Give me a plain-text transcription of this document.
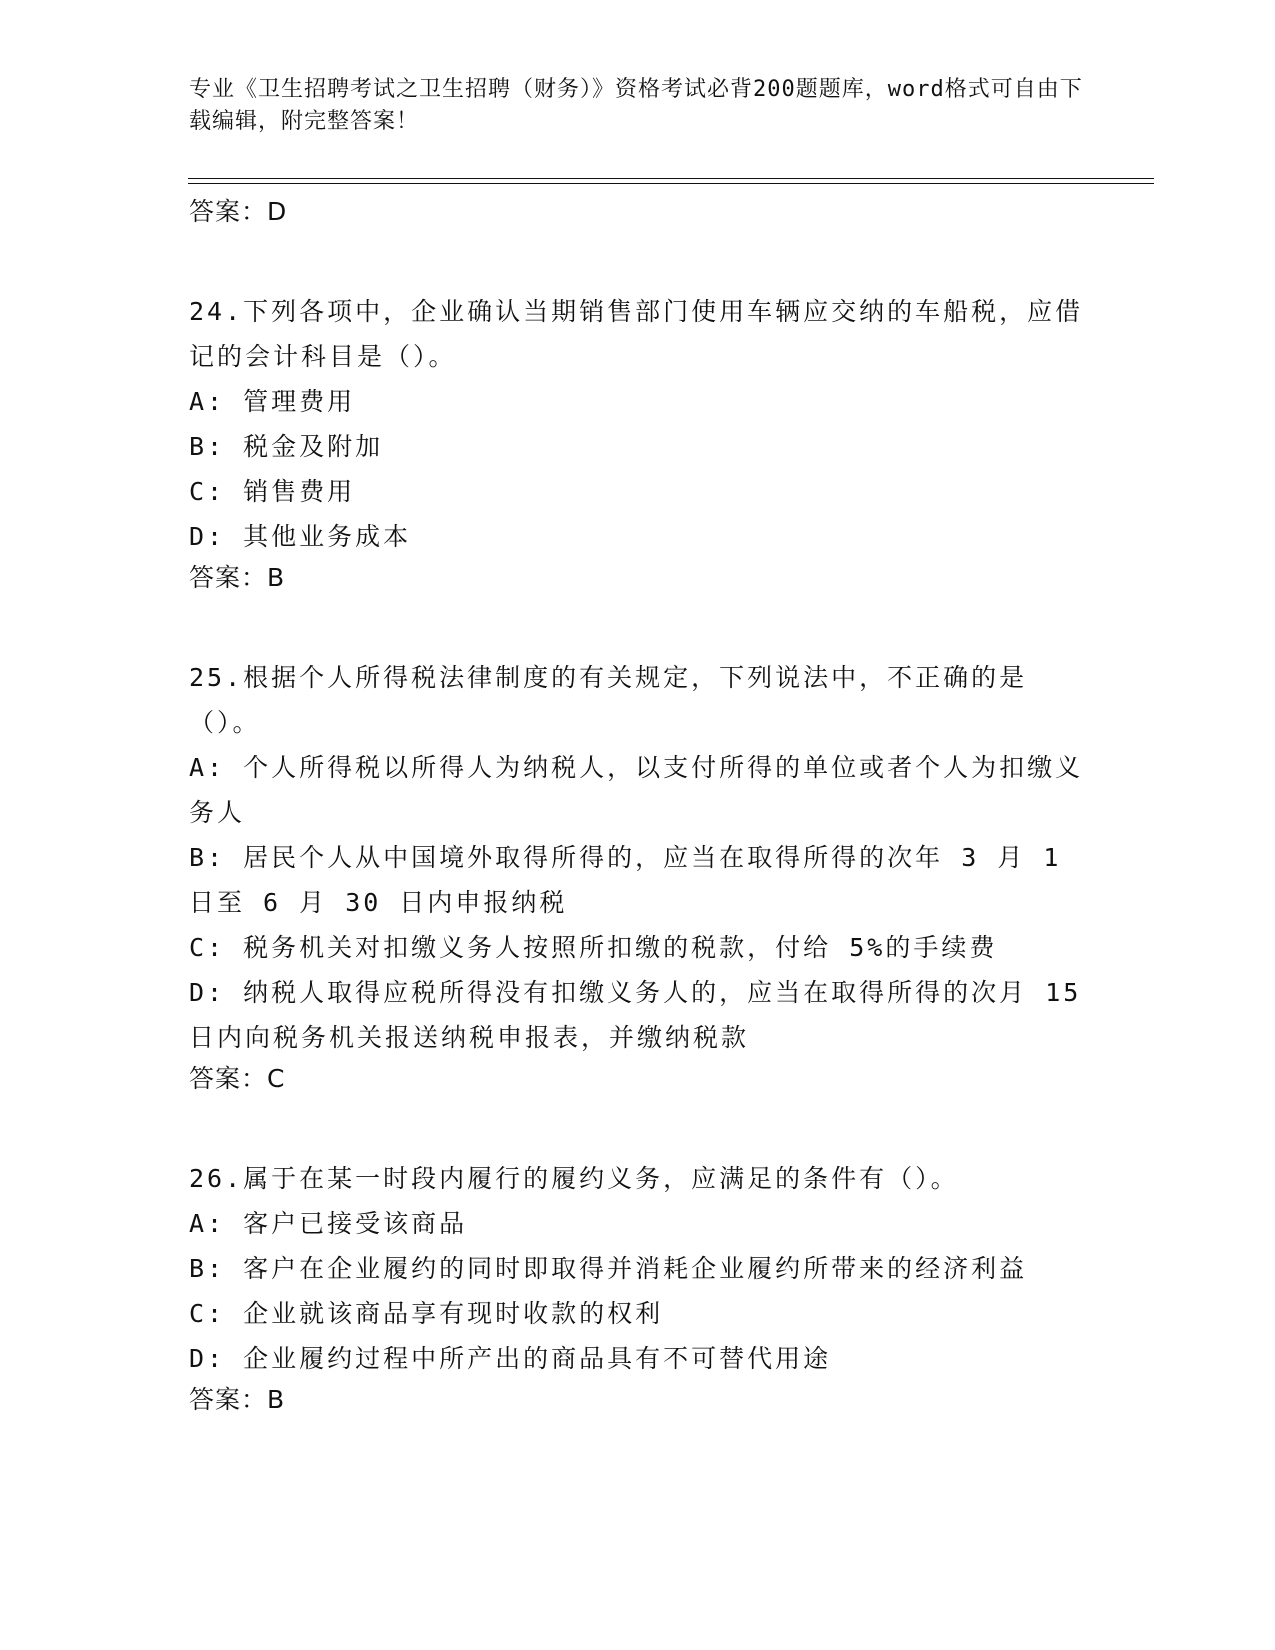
专业《卫生招聘考试之卫生招聘（财务）》资格考试必背200题题库，word格式可自由下载编辑，附完整答案！
答案：D

24.下列各项中，企业确认当期销售部门使用车辆应交纳的车船税，应借记的会计科目是（）。

A: 管理费用
B: 税金及附加
C: 销售费用
D: 其他业务成本
答案：B

25.根据个人所得税法律制度的有关规定，下列说法中，不正确的是（）。

A: 个人所得税以所得人为纳税人，以支付所得的单位或者个人为扣缴义务人
B: 居民个人从中国境外取得所得的，应当在取得所得的次年 3 月 1 日至 6 月 30 日内申报纳税
C: 税务机关对扣缴义务人按照所扣缴的税款，付给 5%的手续费
D: 纳税人取得应税所得没有扣缴义务人的，应当在取得所得的次月 15 日内向税务机关报送纳税申报表，并缴纳税款
答案：C

26.属于在某一时段内履行的履约义务，应满足的条件有（）。

A: 客户已接受该商品
B: 客户在企业履约的同时即取得并消耗企业履约所带来的经济利益
C: 企业就该商品享有现时收款的权利
D: 企业履约过程中所产出的商品具有不可替代用途
答案：B
